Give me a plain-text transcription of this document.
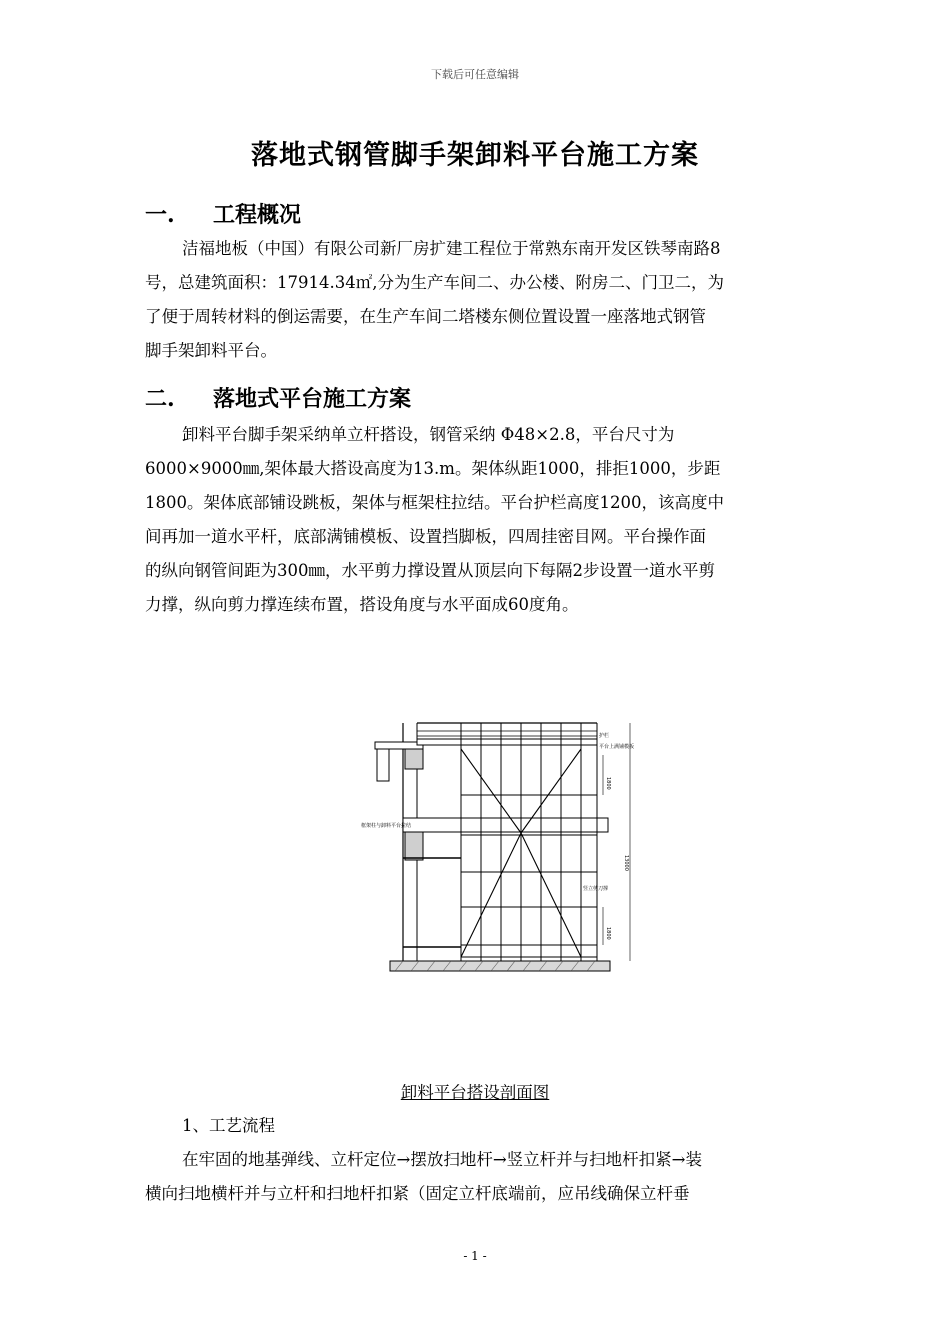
下载后可任意编辑
落地式钢管脚手架卸料平台施工方案
一. 工程概况
洁福地板（中国）有限公司新厂房扩建工程位于常熟东南开发区铁琴南路8
号，总建筑面积：17914.34㎡,分为生产车间二、办公楼、附房二、门卫二，为
了便于周转材料的倒运需要，在生产车间二塔楼东侧位置设置一座落地式钢管
脚手架卸料平台。
二. 落地式平台施工方案
卸料平台脚手架采纳单立杆搭设，钢管采纳 Φ48×2.8，平台尺寸为
6000×9000㎜,架体最大搭设高度为13.m。架体纵距1000，排拒1000，步距
1800。架体底部铺设跳板，架体与框架柱拉结。平台护栏高度1200，该高度中
间再加一道水平杆，底部满铺模板、设置挡脚板，四周挂密目网。平台操作面
的纵向钢管间距为300㎜，水平剪力撑设置从顶层向下每隔2步设置一道水平剪
力撑，纵向剪力撑连续布置，搭设角度与水平面成60度角。
护栏
平台上满铺模板
竖立剪刀撑
框架柱与卸料平台拉结
1800
1800
13000
卸料平台搭设剖面图
1、工艺流程
在牢固的地基弹线、立杆定位→摆放扫地杆→竖立杆并与扫地杆扣紧→装
横向扫地横杆并与立杆和扫地杆扣紧（固定立杆底端前，应吊线确保立杆垂
- 1 -
